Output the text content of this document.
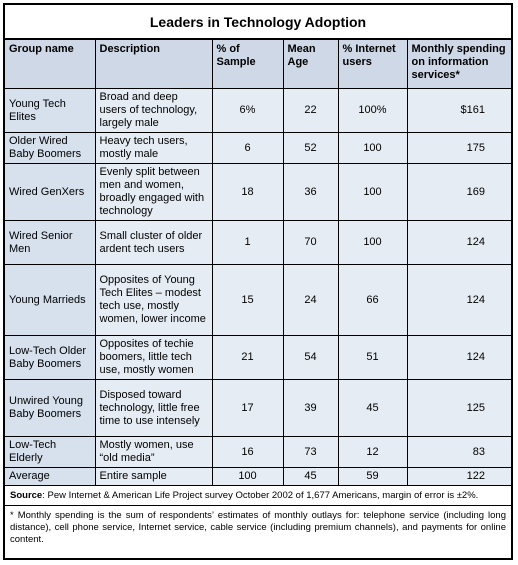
Leaders in Technology Adoption
Group name	Description	% of Sample	Mean Age	% Internet users	Monthly spending on information services*
Young Tech Elites	Broad and deep users of technology, largely male	6%	22	100%	$161
Older Wired Baby Boomers	Heavy tech users, mostly male	6	52	100	175
Wired GenXers	Evenly split between men and women, broadly engaged with technology	18	36	100	169
Wired Senior Men	Small cluster of older ardent tech users	1	70	100	124
Young Marrieds	Opposites of Young Tech Elites – modest tech use, mostly women, lower income	15	24	66	124
Low-Tech Older Baby Boomers	Opposites of techie boomers, little tech use, mostly women	21	54	51	124
Unwired Young Baby Boomers	Disposed toward technology, little free time to use intensely	17	39	45	125
Low-Tech Elderly	Mostly women, use “old media”	16	73	12	83
Average	Entire sample	100	45	59	122
Source: Pew Internet & American Life Project survey October 2002 of 1,677 Americans, margin of error is ±2%.
* Monthly spending is the sum of respondents’ estimates of monthly outlays for: telephone service (including long distance), cell phone service, Internet service, cable service (including premium channels), and payments for online content.
